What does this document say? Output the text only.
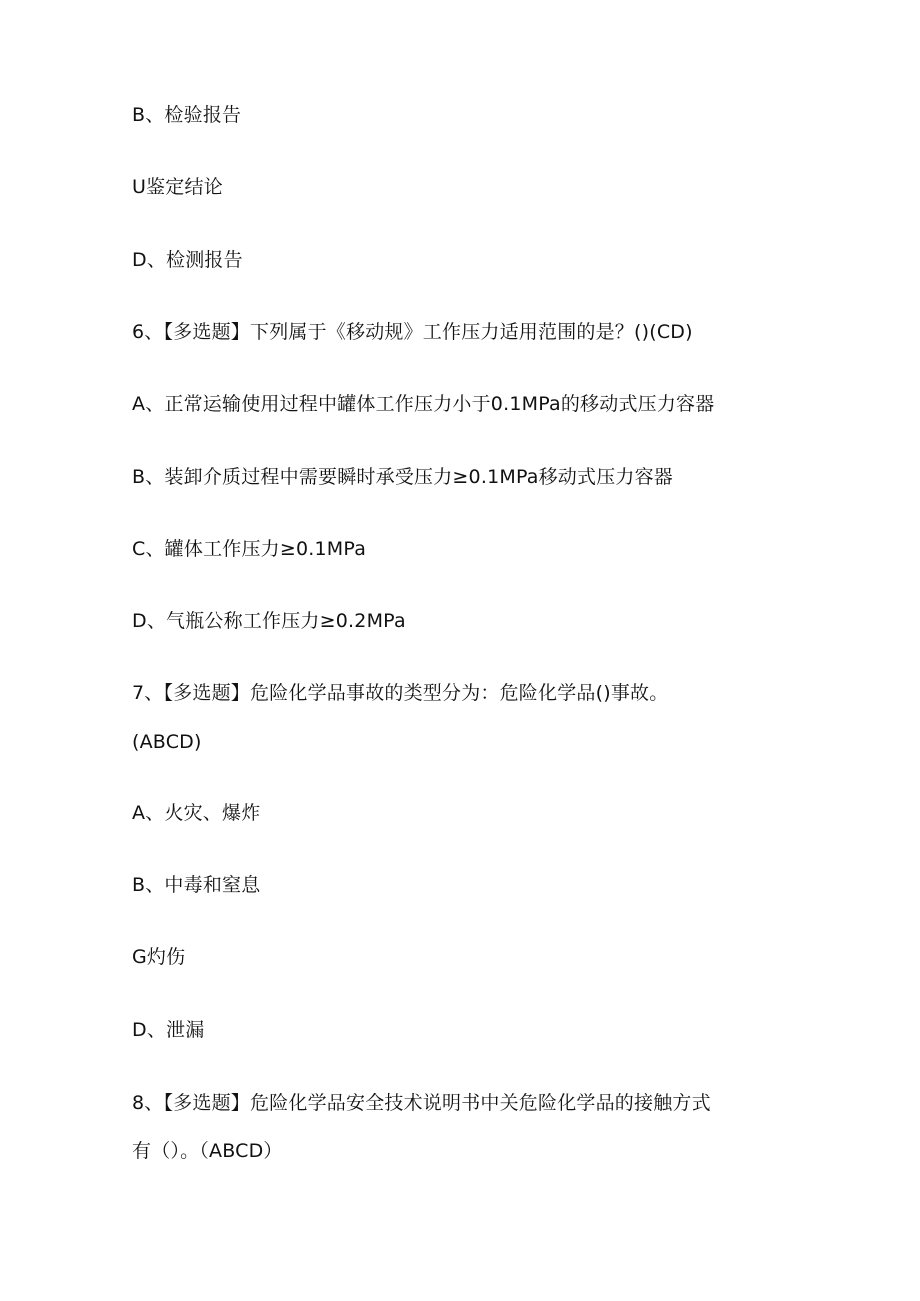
B、检验报告
U鉴定结论
D、检测报告
6、【多选题】下列属于《移动规》工作压力适用范围的是？()(CD)
A、正常运输使用过程中罐体工作压力小于0.1MPa的移动式压力容器
B、装卸介质过程中需要瞬时承受压力≥0.1MPa移动式压力容器
C、罐体工作压力≥0.1MPa
D、气瓶公称工作压力≥0.2MPa
7、【多选题】危险化学品事故的类型分为：危险化学品()事故。
(ABCD)
A、火灾、爆炸
B、中毒和窒息
G灼伤
D、泄漏
8、【多选题】危险化学品安全技术说明书中关危险化学品的接触方式
有（）。（ABCD）
